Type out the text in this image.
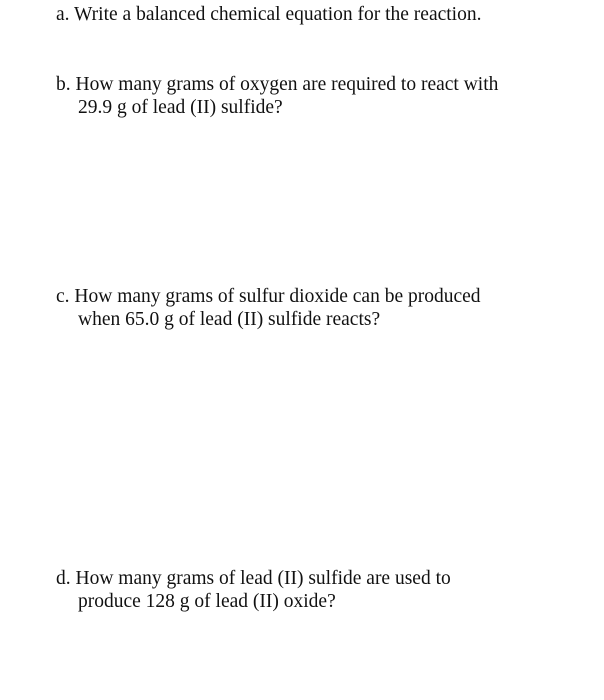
a. Write a balanced chemical equation for the reaction.
b. How many grams of oxygen are required to react with
29.9 g of lead (II) sulfide?
c. How many grams of sulfur dioxide can be produced
when 65.0 g of lead (II) sulfide reacts?
d. How many grams of lead (II) sulfide are used to
produce 128 g of lead (II) oxide?
